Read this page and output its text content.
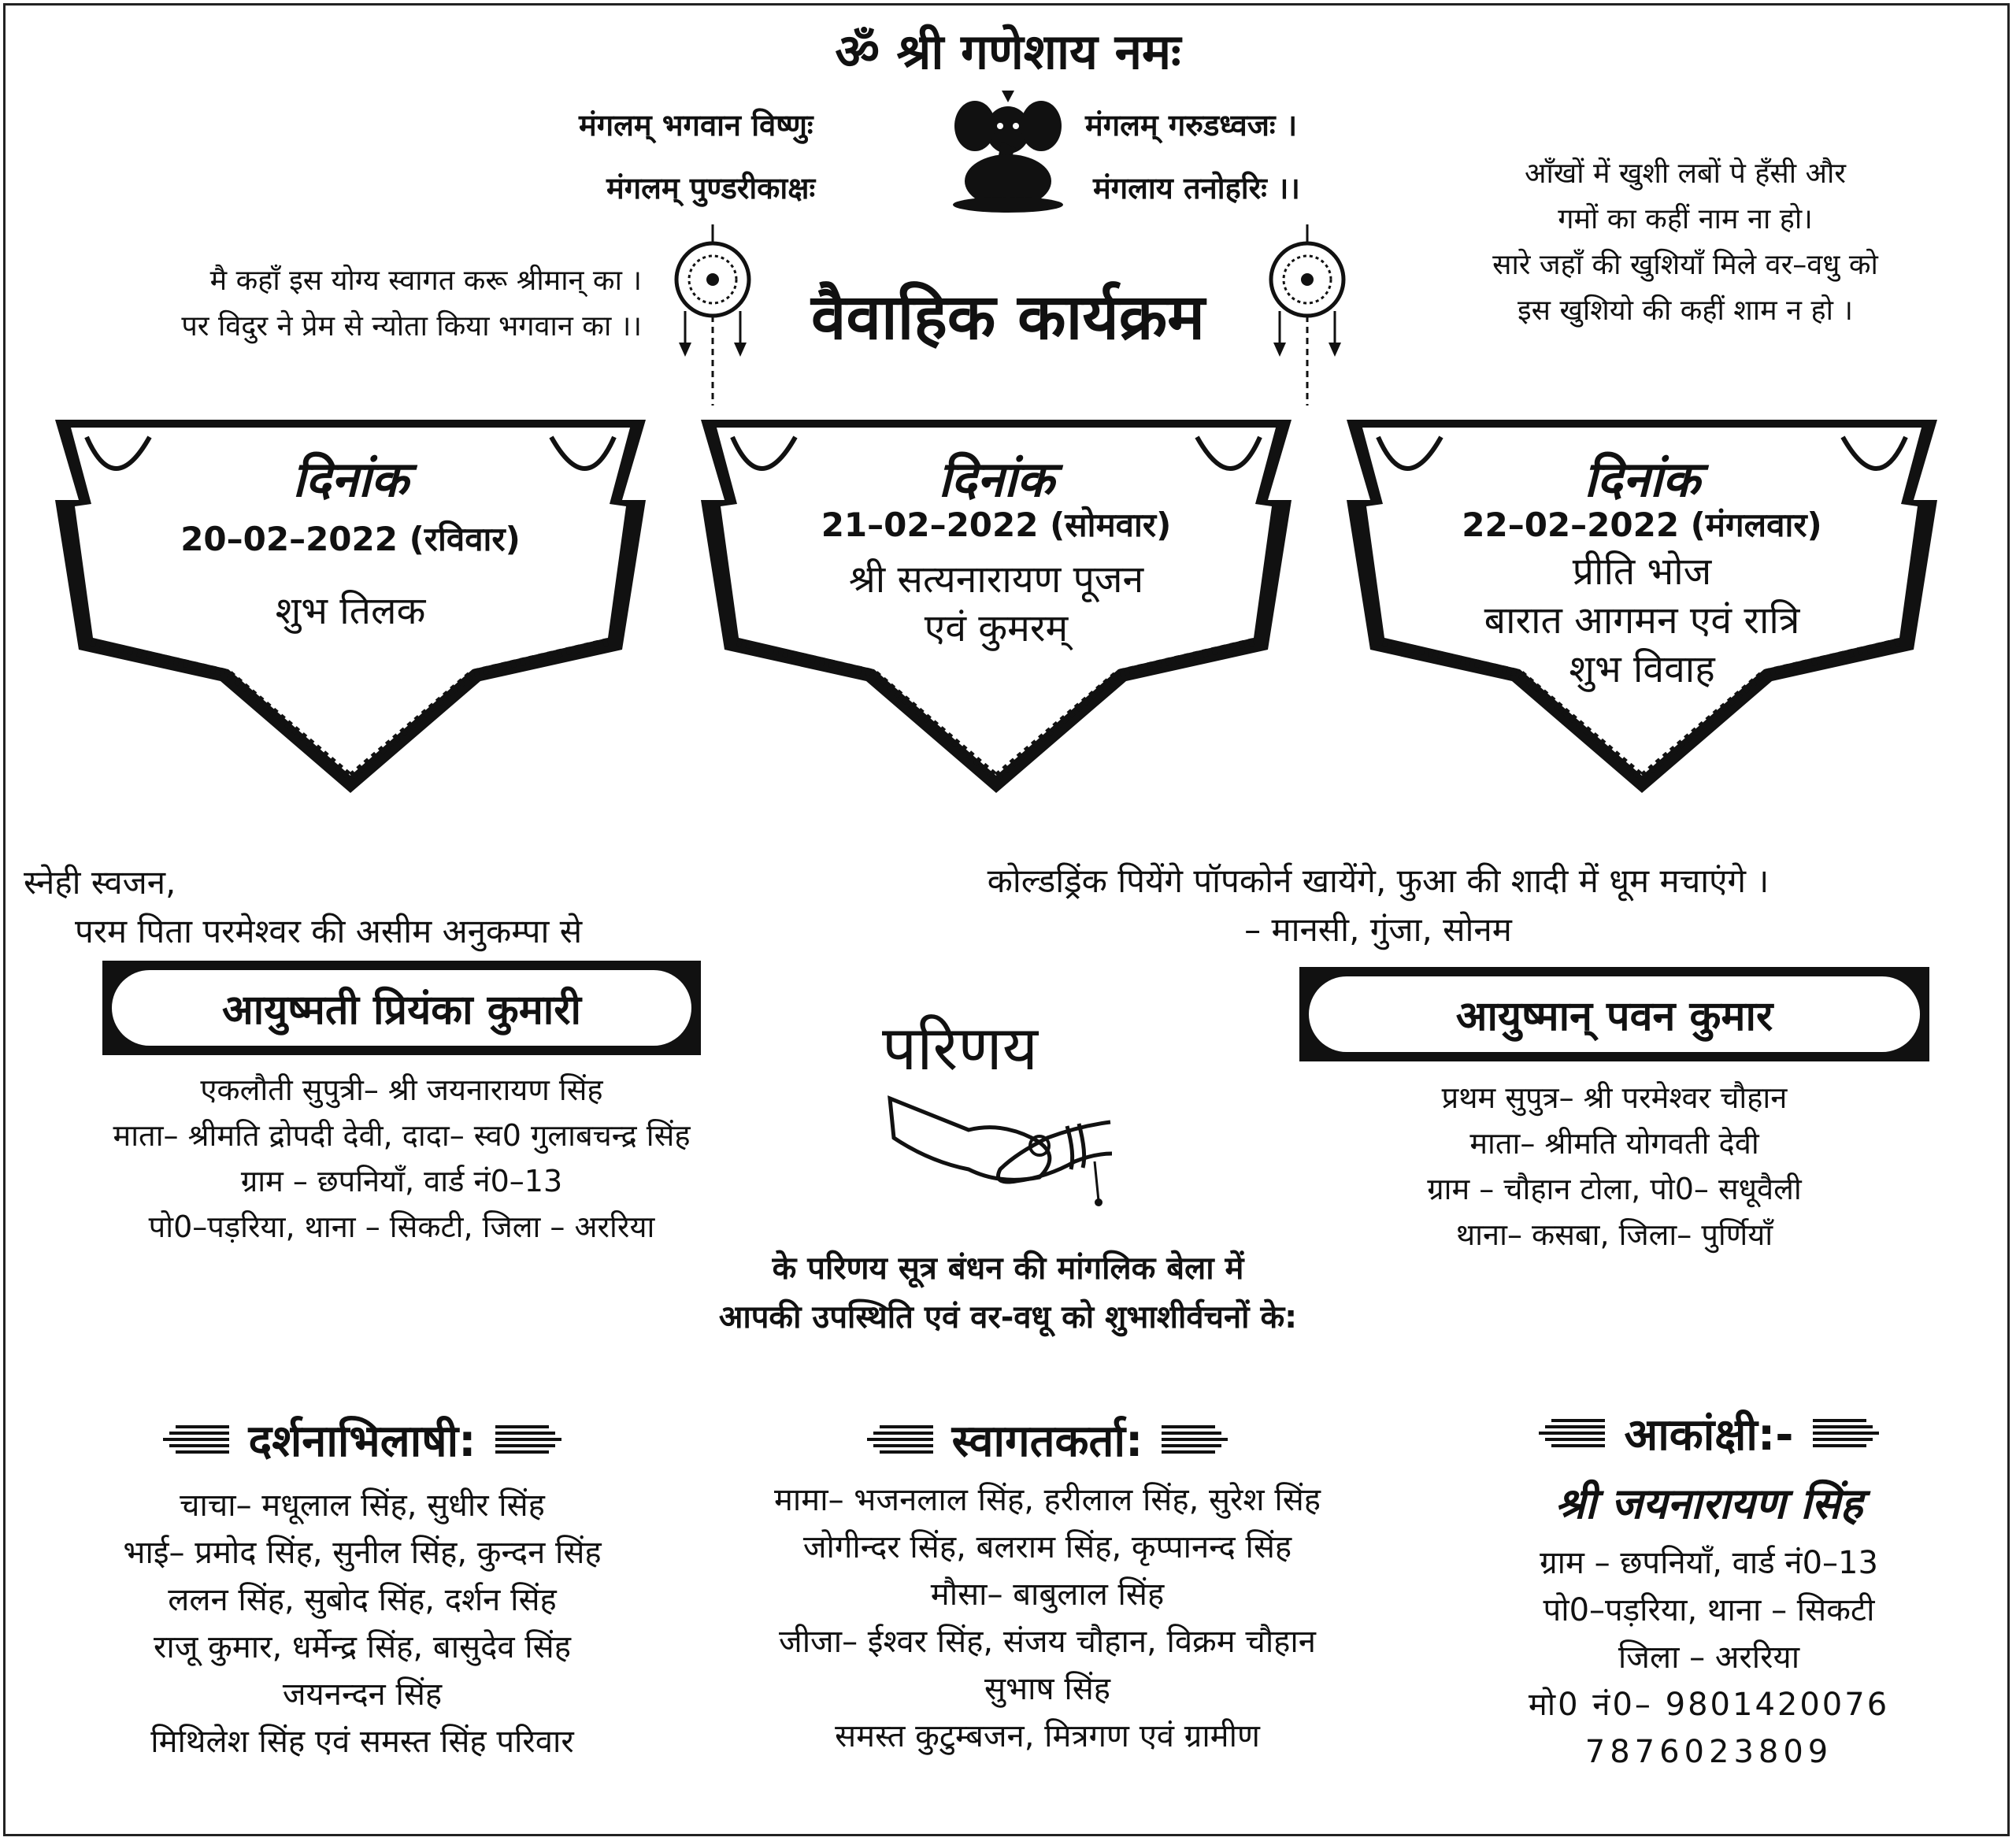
ॐ श्री गणेशाय नमः
मंगलम् भगवान विष्णुः	मंगलम् गरुडध्वजः ।
मंगलम् पुण्डरीकाक्षः	मंगलाय तनोहरिः ।।
मै कहाँ इस योग्य स्वागत करू श्रीमान् का ।
पर विदुर ने प्रेम से न्योता किया भगवान का ।।
आँखों में खुशी लबों पे हँसी और
गमों का कहीं नाम ना हो।
सारे जहाँ की खुशियाँ मिले वर–वधु को
इस खुशियो की कहीं शाम न हो ।
वैवाहिक कार्यक्रम
दिनांक
20–02–2022 (रविवार)
शुभ तिलक
दिनांक
21–02–2022 (सोमवार)
श्री सत्यनारायण पूजन
एवं कुमरम्
दिनांक
22–02–2022 (मंगलवार)
प्रीति भोज
बारात आगमन एवं रात्रि
शुभ विवाह
स्नेही स्वजन,
परम पिता परमेश्वर की असीम अनुकम्पा से
कोल्डड्रिंक पियेंगे पॉपकोर्न खायेंगे, फुआ की शादी में धूम मचाएंगे ।
– मानसी, गुंजा, सोनम
आयुष्मती प्रियंका कुमारी
एकलौती सुपुत्री– श्री जयनारायण सिंह
माता– श्रीमति द्रोपदी देवी, दादा– स्व0 गुलाबचन्द्र सिंह
ग्राम – छपनियाँ, वार्ड नं0–13
पो0–पड़रिया, थाना – सिकटी, जिला – अररिया
आयुष्मान् पवन कुमार
प्रथम सुपुत्र– श्री परमेश्वर चौहान
माता– श्रीमति योगवती देवी
ग्राम – चौहान टोला, पो0– सधूवैली
थाना– कसबा, जिला– पुर्णियाँ
परिणय
के परिणय सूत्र बंधन की मांगलिक बेला में
आपकी उपस्थिति एवं वर-वधू को शुभाशीर्वचनों के:
दर्शनाभिलाषी:
चाचा– मधूलाल सिंह, सुधीर सिंह
भाई– प्रमोद सिंह, सुनील सिंह, कुन्दन सिंह
ललन सिंह, सुबोद सिंह, दर्शन सिंह
राजू कुमार, धर्मेन्द्र सिंह, बासुदेव सिंह
जयनन्दन सिंह
मिथिलेश सिंह एवं समस्त सिंह परिवार
स्वागतकर्ता:
मामा– भजनलाल सिंह, हरीलाल सिंह, सुरेश सिंह
जोगीन्दर सिंह, बलराम सिंह, कृप्पानन्द सिंह
मौसा– बाबुलाल सिंह
जीजा– ईश्वर सिंह, संजय चौहान, विक्रम चौहान
सुभाष सिंह
समस्त कुटुम्बजन, मित्रगण एवं ग्रामीण
आकांक्षी:-
श्री जयनारायण सिंह
ग्राम – छपनियाँ, वार्ड नं0–13
पो0–पड़रिया, थाना – सिकटी
जिला – अररिया
मो0 नं0– 9801420076
7876023809
